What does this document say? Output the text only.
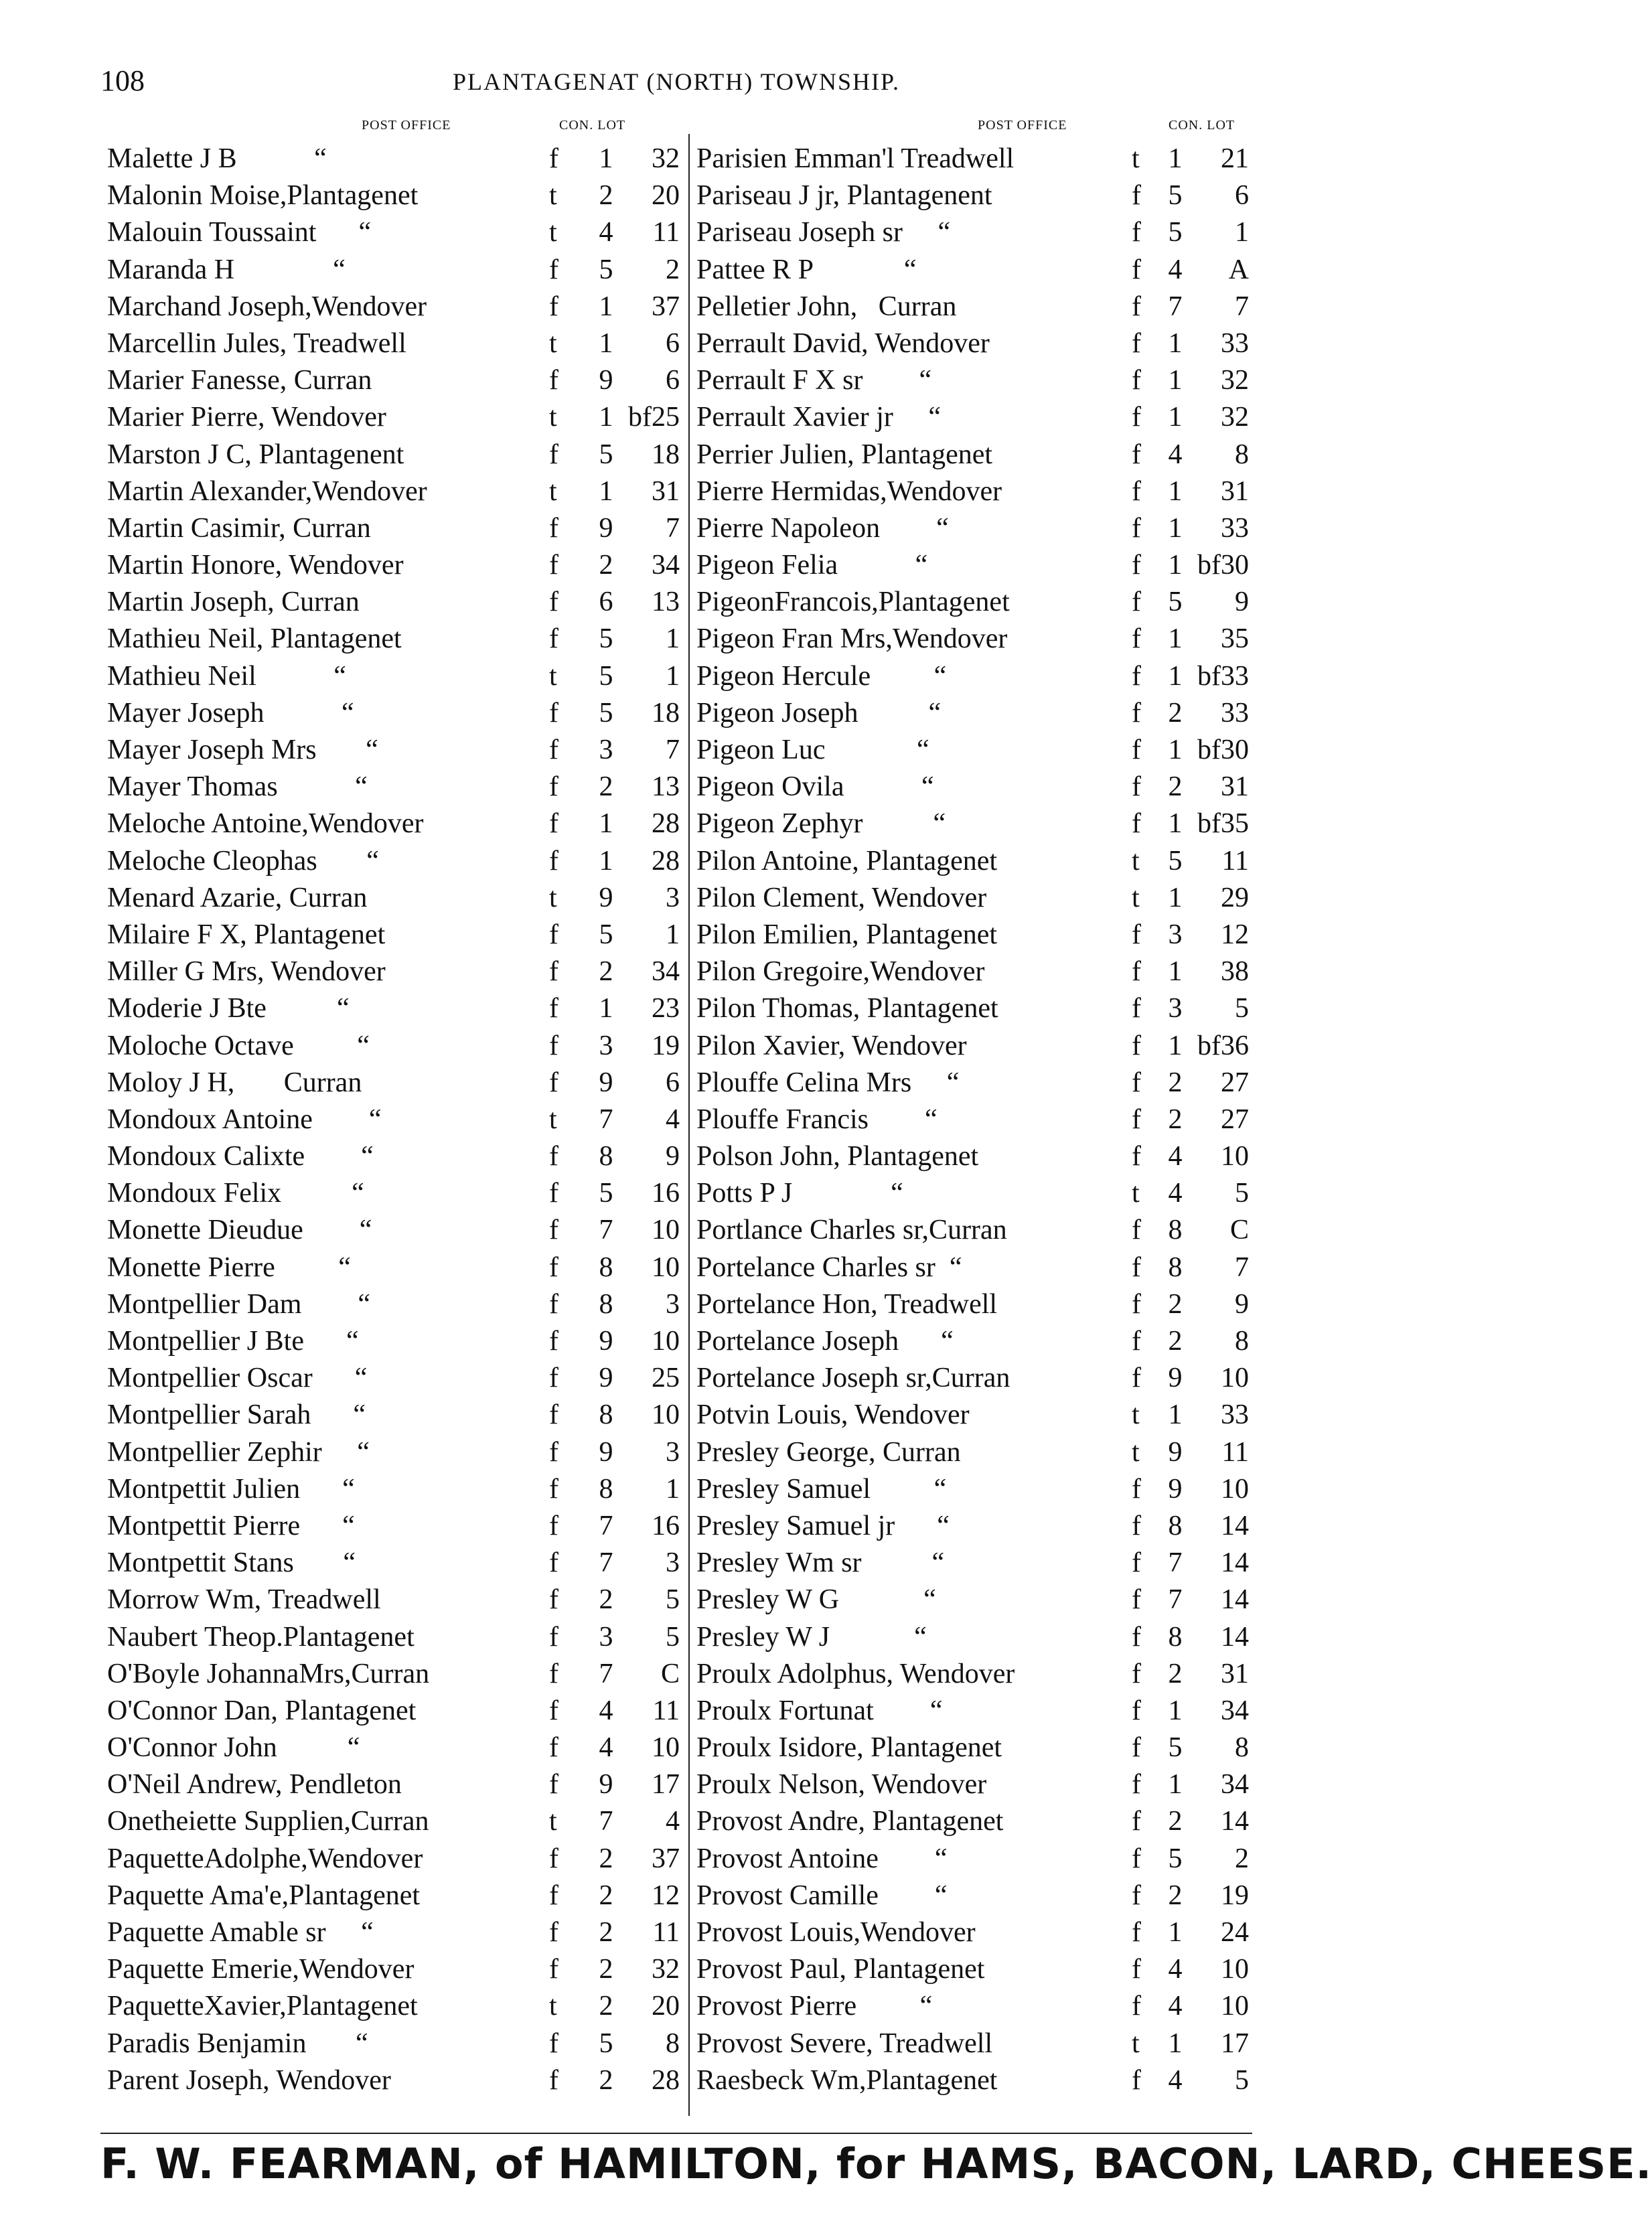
108	PLANTAGENAT (NORTH) TOWNSHIP.
POST OFFICE	CON. LOT	POST OFFICE	CON. LOT
Malette J B           “	f 1	32
Malonin Moise,Plantagenet	t 2	20
Malouin Toussaint      “	t 4	11
Maranda H              “	f 5	2
Marchand Joseph,Wendover	f 1	37
Marcellin Jules, Treadwell	t 1	6
Marier Fanesse, Curran	f 9	6
Marier Pierre, Wendover	t 1 bf25
Marston J C, Plantagenent	f 5	18
Martin Alexander,Wendover	t 1	31
Martin Casimir, Curran	f 9	7
Martin Honore, Wendover	f 2	34
Martin Joseph, Curran	f 6	13
Mathieu Neil, Plantagenet	f 5	1
Mathieu Neil           “	t 5	1
Mayer Joseph           “	f 5	18
Mayer Joseph Mrs       “	f 3	7
Mayer Thomas           “	f 2	13
Meloche Antoine,Wendover	f 1	28
Meloche Cleophas       “	f 1	28
Menard Azarie, Curran	t 9	3
Milaire F X, Plantagenet	f 5	1
Miller G Mrs, Wendover	f 2	34
Moderie J Bte          “	f 1	23
Moloche Octave         “	f 3	19
Moloy J H,       Curran	f 9	6
Mondoux Antoine        “	t 7	4
Mondoux Calixte        “	f 8	9
Mondoux Felix          “	f 5	16
Monette Dieudue        “	f 7	10
Monette Pierre         “	f 8	10
Montpellier Dam        “	f 8	3
Montpellier J Bte      “	f 9	10
Montpellier Oscar      “	f 9	25
Montpellier Sarah      “	f 8	10
Montpellier Zephir     “	f 9	3
Montpettit Julien      “	f 8	1
Montpettit Pierre      “	f 7	16
Montpettit Stans       “	f 7	3
Morrow Wm, Treadwell	f 2	5
Naubert Theop.Plantagenet	f 3	5
O'Boyle JohannaMrs,Curran	f 7	C
O'Connor Dan, Plantagenet	f 4	11
O'Connor John          “	f 4	10
O'Neil Andrew, Pendleton	f 9	17
Onetheiette Supplien,Curran	t 7	4
PaquetteAdolphe,Wendover	f 2	37
Paquette Ama'e,Plantagenet	f 2	12
Paquette Amable sr     “	f 2	11
Paquette Emerie,Wendover	f 2	32
PaquetteXavier,Plantagenet	t 2	20
Paradis Benjamin       “	f 5	8
Parent Joseph, Wendover	f 2	28
Parisien Emman'l Treadwell	t 1	21
Pariseau J jr, Plantagenent	f 5	6
Pariseau Joseph sr     “	f 5	1
Pattee R P             “	f 4	A
Pelletier John,   Curran	f 7	7
Perrault David, Wendover	f 1	33
Perrault F X sr        “	f 1	32
Perrault Xavier jr     “	f 1	32
Perrier Julien, Plantagenet	f 4	8
Pierre Hermidas,Wendover	f 1	31
Pierre Napoleon        “	f 1	33
Pigeon Felia           “	f 1 bf30
PigeonFrancois,Plantagenet	f 5	9
Pigeon Fran Mrs,Wendover	f 1	35
Pigeon Hercule         “	f 1 bf33
Pigeon Joseph          “	f 2	33
Pigeon Luc             “	f 1 bf30
Pigeon Ovila           “	f 2	31
Pigeon Zephyr          “	f 1 bf35
Pilon Antoine, Plantagenet	t 5	11
Pilon Clement, Wendover	t 1	29
Pilon Emilien, Plantagenet	f 3	12
Pilon Gregoire,Wendover	f 1	38
Pilon Thomas, Plantagenet	f 3	5
Pilon Xavier, Wendover	f 1 bf36
Plouffe Celina Mrs     “	f 2	27
Plouffe Francis        “	f 2	27
Polson John, Plantagenet	f 4	10
Potts P J              “	t 4	5
Portlance Charles sr,Curran	f 8	C
Portelance Charles sr  “	f 8	7
Portelance Hon, Treadwell	f 2	9
Portelance Joseph      “	f 2	8
Portelance Joseph sr,Curran	f 9	10
Potvin Louis, Wendover	t 1	33
Presley George, Curran	t 9	11
Presley Samuel         “	f 9	10
Presley Samuel jr      “	f 8	14
Presley Wm sr          “	f 7	14
Presley W G            “	f 7	14
Presley W J            “	f 8	14
Proulx Adolphus, Wendover	f 2	31
Proulx Fortunat        “	f 1	34
Proulx Isidore, Plantagenet	f 5	8
Proulx Nelson, Wendover	f 1	34
Provost Andre, Plantagenet	f 2	14
Provost Antoine        “	f 5	2
Provost Camille        “	f 2	19
Provost Louis,Wendover	f 1	24
Provost Paul, Plantagenet	f 4	10
Provost Pierre         “	f 4	10
Provost Severe, Treadwell	t 1	17
Raesbeck Wm,Plantagenet	f 4	5
F. W. FEARMAN, of HAMILTON, for HAMS, BACON, LARD, CHEESE.
